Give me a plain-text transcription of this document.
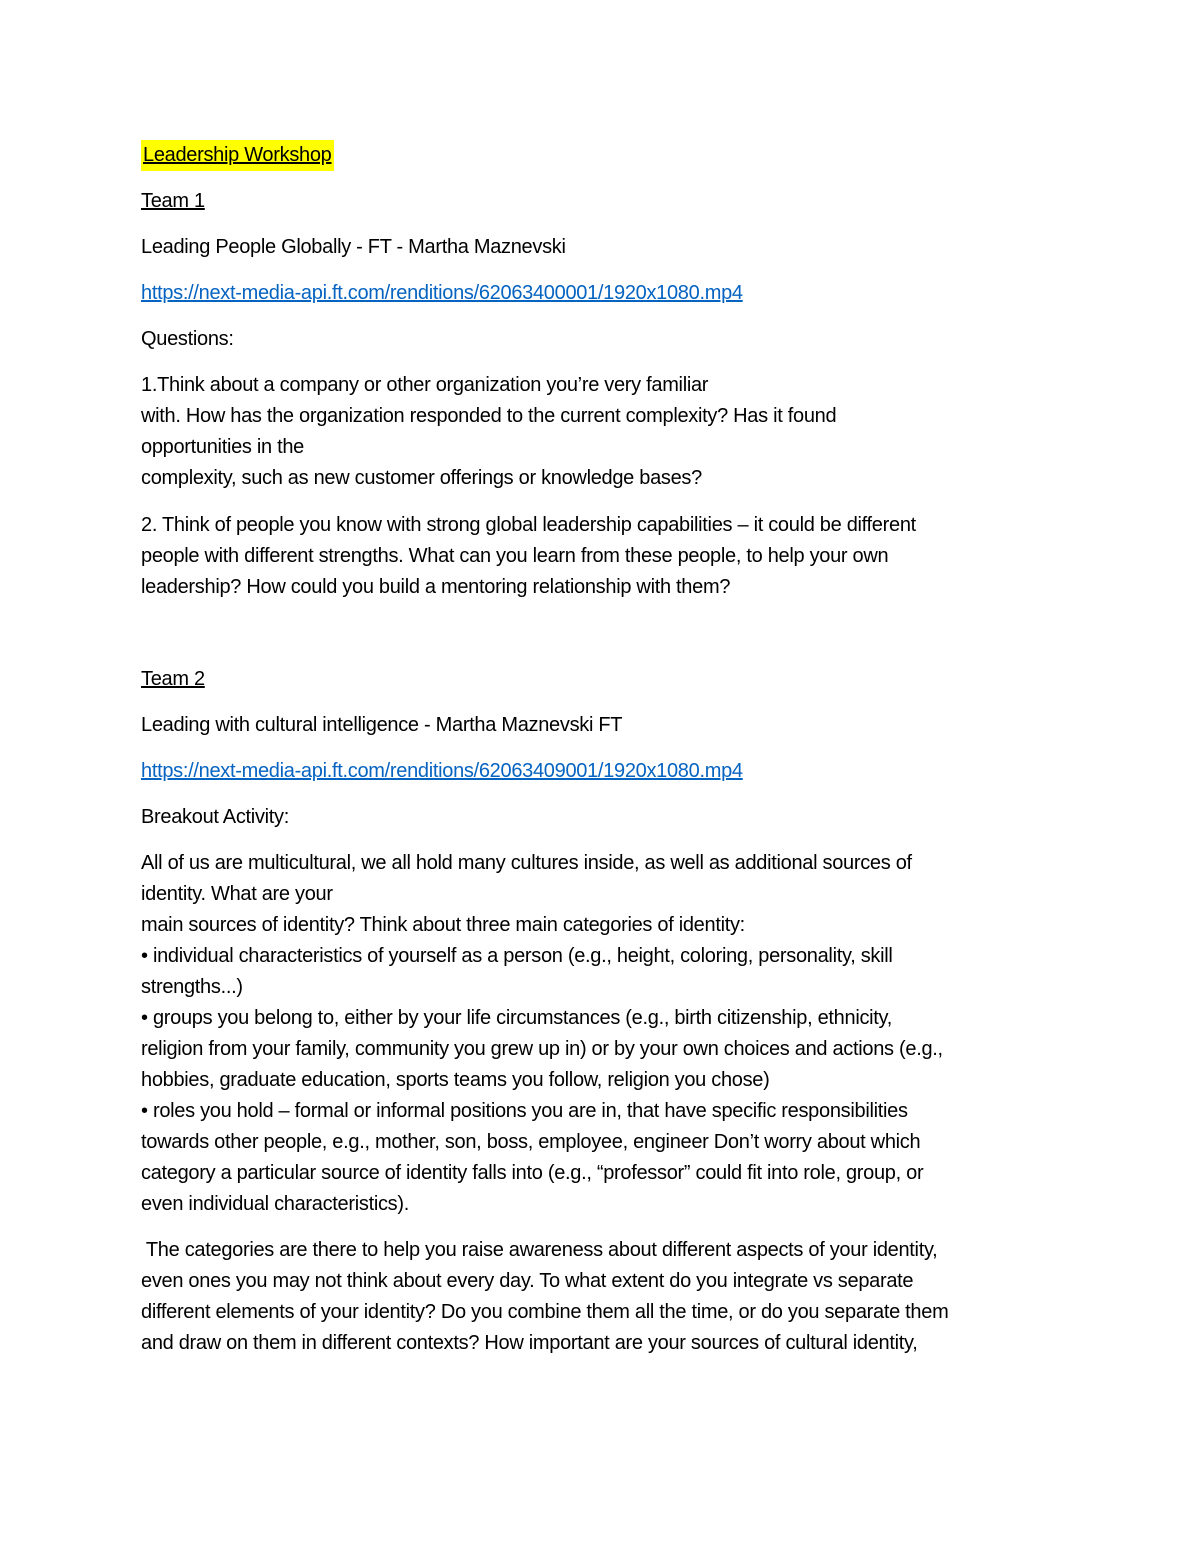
Leadership Workshop
Team 1
Leading People Globally - FT - Martha Maznevski
https://next-media-api.ft.com/renditions/62063400001/1920x1080.mp4
Questions:
1.Think about a company or other organization you’re very familiar
with. How has the organization responded to the current complexity? Has it found
opportunities in the
complexity, such as new customer offerings or knowledge bases?
2. Think of people you know with strong global leadership capabilities – it could be different
people with different strengths. What can you learn from these people, to help your own
leadership? How could you build a mentoring relationship with them?
Team 2
Leading with cultural intelligence - Martha Maznevski FT
https://next-media-api.ft.com/renditions/62063409001/1920x1080.mp4
Breakout Activity:
All of us are multicultural, we all hold many cultures inside, as well as additional sources of
identity. What are your
main sources of identity? Think about three main categories of identity:
• individual characteristics of yourself as a person (e.g., height, coloring, personality, skill
strengths...)
• groups you belong to, either by your life circumstances (e.g., birth citizenship, ethnicity,
religion from your family, community you grew up in) or by your own choices and actions (e.g.,
hobbies, graduate education, sports teams you follow, religion you chose)
• roles you hold – formal or informal positions you are in, that have specific responsibilities
towards other people, e.g., mother, son, boss, employee, engineer Don’t worry about which
category a particular source of identity falls into (e.g., “professor” could fit into role, group, or
even individual characteristics).
The categories are there to help you raise awareness about different aspects of your identity,
even ones you may not think about every day. To what extent do you integrate vs separate
different elements of your identity? Do you combine them all the time, or do you separate them
and draw on them in different contexts? How important are your sources of cultural identity,
